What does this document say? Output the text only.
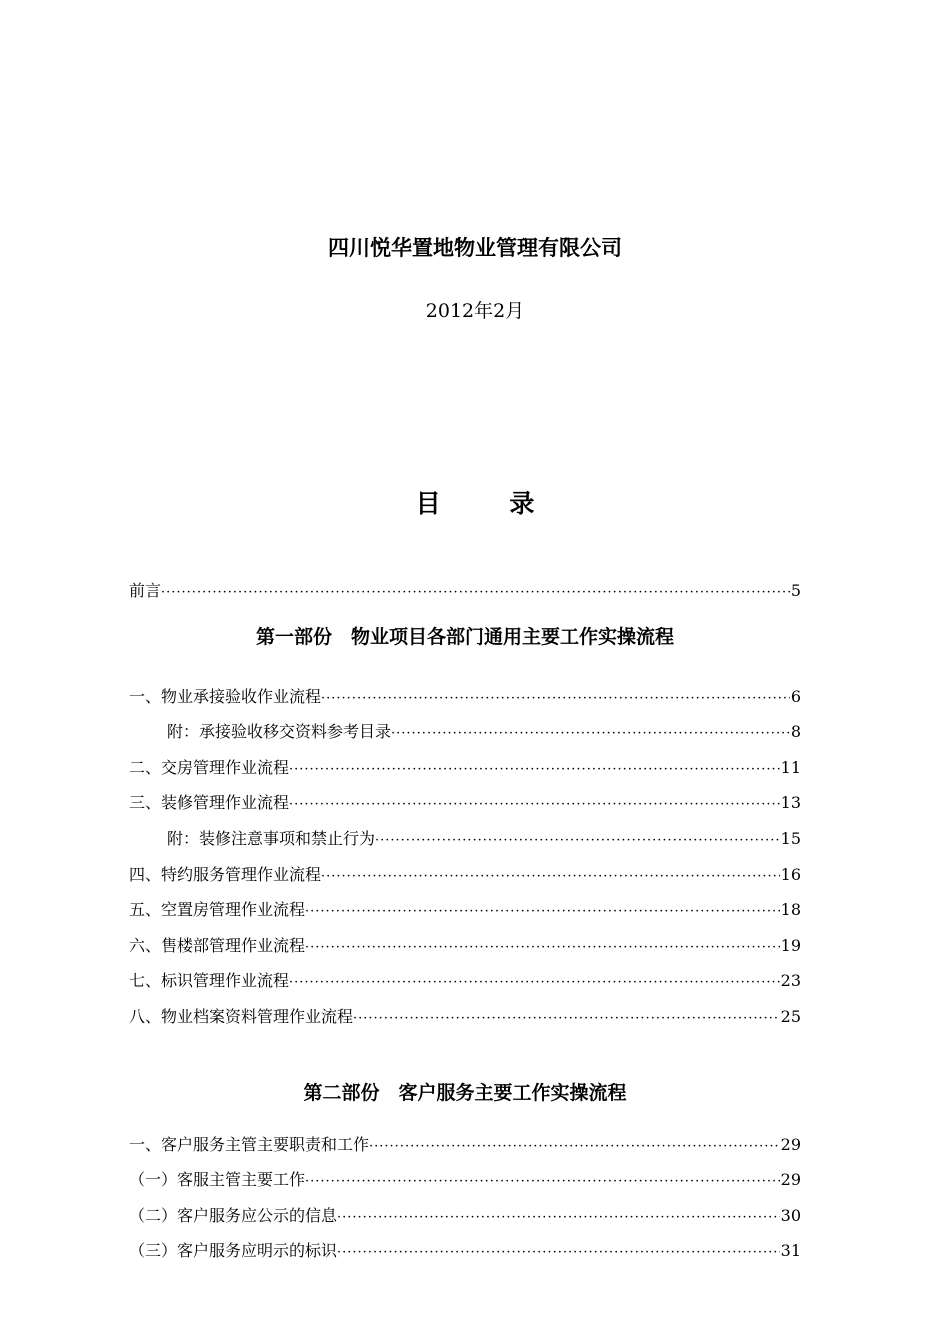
四川悦华置地物业管理有限公司
2012年2月
目 录
前言 ·····	5
第一部份　物业项目各部门通用主要工作实操流程
一、物业承接验收作业流程 ·····	6
附：承接验收移交资料参考目录 ·····	8
二、交房管理作业流程 ·····	11
三、装修管理作业流程 ·····	13
附：装修注意事项和禁止行为 ·····	15
四、特约服务管理作业流程 ·····	16
五、空置房管理作业流程 ·····	18
六、售楼部管理作业流程 ·····	19
七、标识管理作业流程 ·····	23
八、物业档案资料管理作业流程 ·····	25
第二部份　客户服务主要工作实操流程
一、客户服务主管主要职责和工作 ·····	29
（一）客服主管主要工作 ·····	29
（二）客户服务应公示的信息 ·····	30
（三）客户服务应明示的标识 ·····	31
